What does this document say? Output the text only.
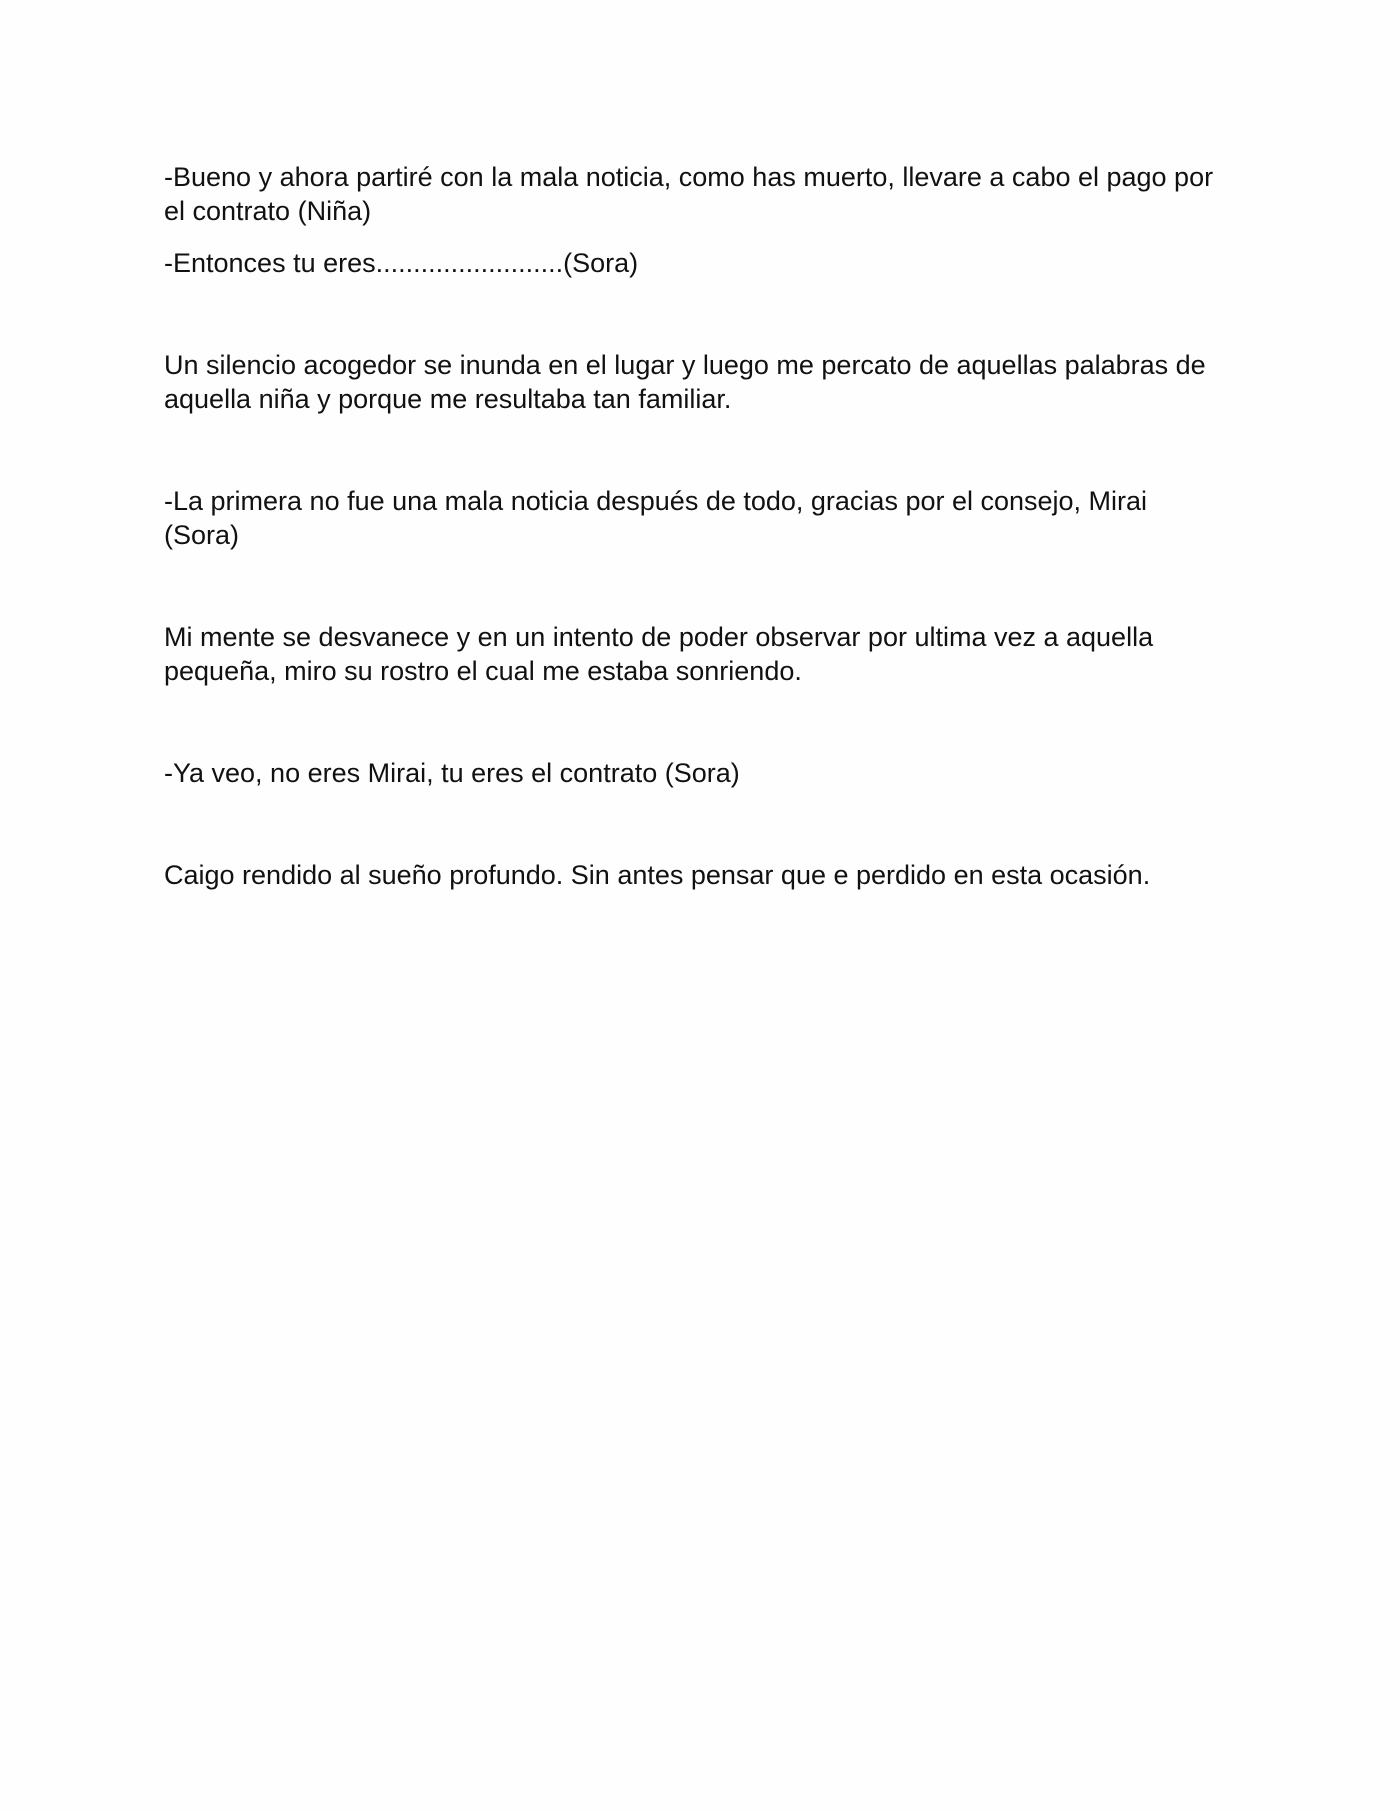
-Bueno y ahora partiré con la mala noticia, como has muerto, llevare a cabo el pago por el contrato (Niña)

-Entonces tu eres.........................(Sora)

Un silencio acogedor se inunda en el lugar y luego me percato de aquellas palabras de aquella niña y porque me resultaba tan familiar.

-La primera no fue una mala noticia después de todo, gracias por el consejo, Mirai (Sora)

Mi mente se desvanece y en un intento de poder observar por ultima vez a aquella pequeña, miro su rostro el cual me estaba sonriendo.

-Ya veo, no eres Mirai, tu eres el contrato (Sora)

Caigo rendido al sueño profundo. Sin antes pensar que e perdido en esta ocasión.
